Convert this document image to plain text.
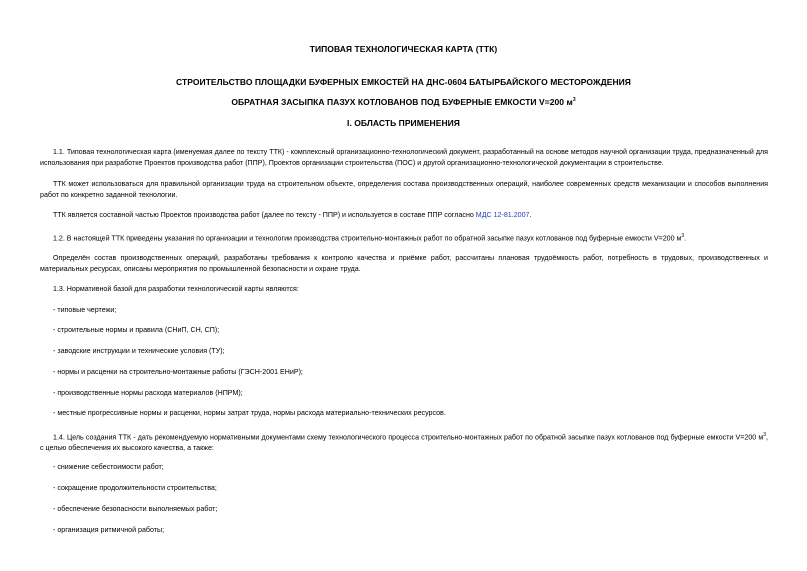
ТИПОВАЯ ТЕХНОЛОГИЧЕСКАЯ КАРТА (ТТК)
СТРОИТЕЛЬСТВО ПЛОЩАДКИ БУФЕРНЫХ ЕМКОСТЕЙ НА ДНС-0604 БАТЫРБАЙСКОГО МЕСТОРОЖДЕНИЯ
ОБРАТНАЯ ЗАСЫПКА ПАЗУХ КОТЛОВАНОВ ПОД БУФЕРНЫЕ ЕМКОСТИ V=200 $м^3$
I. ОБЛАСТЬ ПРИМЕНЕНИЯ
1.1. Типовая технологическая карта (именуемая далее по тексту ТТК) - комплексный организационно-технологический документ, разработанный на основе методов научной организации труда, предназначенный для использования при разработке Проектов производства работ (ППР), Проектов организации строительства (ПОС) и другой организационно-технологической документации в строительстве.
ТТК может использоваться для правильной организации труда на строительном объекте, определения состава производственных операций, наиболее современных средств механизации и способов выполнения работ по конкретно заданной технологии.
ТТК является составной частью Проектов производства работ (далее по тексту - ППР) и используется в составе ППР согласно МДС 12-81.2007.
1.2. В настоящей ТТК приведены указания по организации и технологии производства строительно-монтажных работ по обратной засыпке пазух котлованов под буферные емкости V=200 $м^3$.
Определён состав производственных операций, разработаны требования к контролю качества и приёмке работ, рассчитаны плановая трудоёмкость работ, потребность в трудовых, производственных и материальных ресурсах, описаны мероприятия по промышленной безопасности и охране труда.
1.3. Нормативной базой для разработки технологической карты являются:
- типовые чертежи;
- строительные нормы и правила (СНиП, СН, СП);
- заводские инструкции и технические условия (ТУ);
- нормы и расценки на строительно-монтажные работы (ГЭСН-2001 ЕНиР);
- производственные нормы расхода материалов (НПРМ);
- местные прогрессивные нормы и расценки, нормы затрат труда, нормы расхода материально-технических ресурсов.
1.4. Цель создания ТТК - дать рекомендуемую нормативными документами схему технологического процесса строительно-монтажных работ по обратной засыпке пазух котлованов под буферные емкости V=200 $м^3$, с целью обеспечения их высокого качества, а также:
- снижение себестоимости работ;
- сокращение продолжительности строительства;
- обеспечение безопасности выполняемых работ;
- организация ритмичной работы;
